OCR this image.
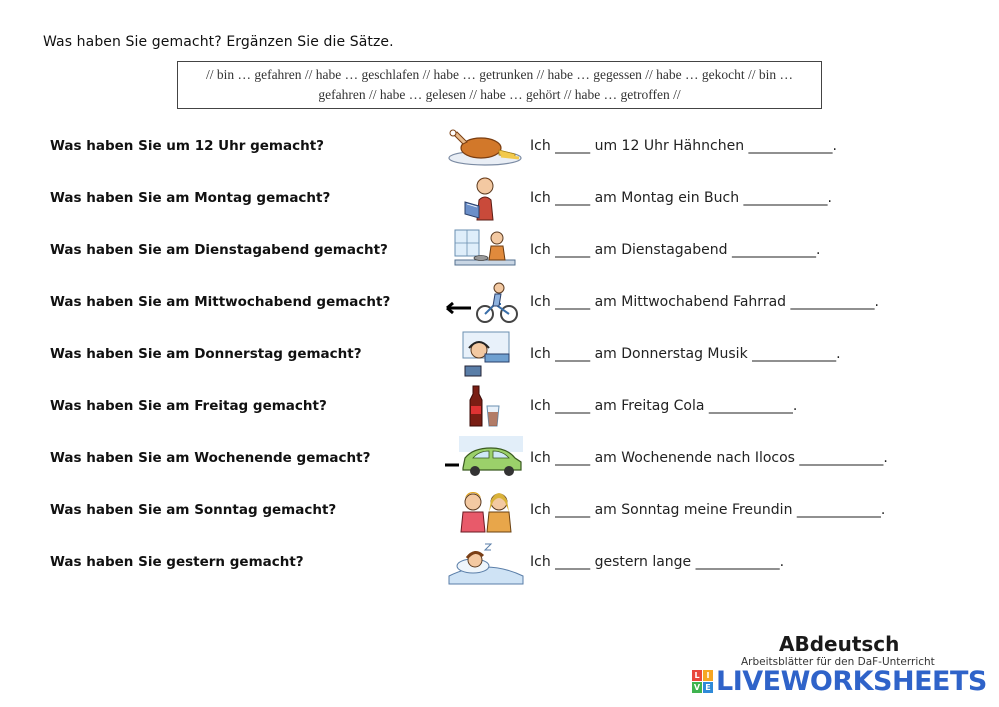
Was haben Sie gemacht? Ergänzen Sie die Sätze.
// bin … gefahren // habe … geschlafen // habe … getrunken // habe … gegessen // habe … gekocht // bin …
gefahren // habe … gelesen // habe … gehört // habe … getroffen //
Was haben Sie um 12 Uhr gemacht?	Ich _____ um 12 Uhr Hähnchen ____________.
Was haben Sie am Montag gemacht?	Ich _____ am Montag ein Buch ____________.
Was haben Sie am Dienstagabend gemacht?	Ich _____ am Dienstagabend ____________.
Was haben Sie am Mittwochabend gemacht?	Ich _____ am Mittwochabend Fahrrad ____________.
Was haben Sie am Donnerstag gemacht?	Ich _____ am Donnerstag Musik ____________.
Was haben Sie am Freitag gemacht?	Ich _____ am Freitag Cola ____________.
Was haben Sie am Wochenende gemacht?	Ich _____ am Wochenende nach Ilocos ____________.
Was haben Sie am Sonntag gemacht?	Ich _____ am Sonntag meine Freundin ____________.
Was haben Sie gestern gemacht?	Ich _____ gestern lange ____________.
ABdeutsch
Arbeitsblätter für den DaF-Unterricht
L I
V E LIVEWORKSHEETS
